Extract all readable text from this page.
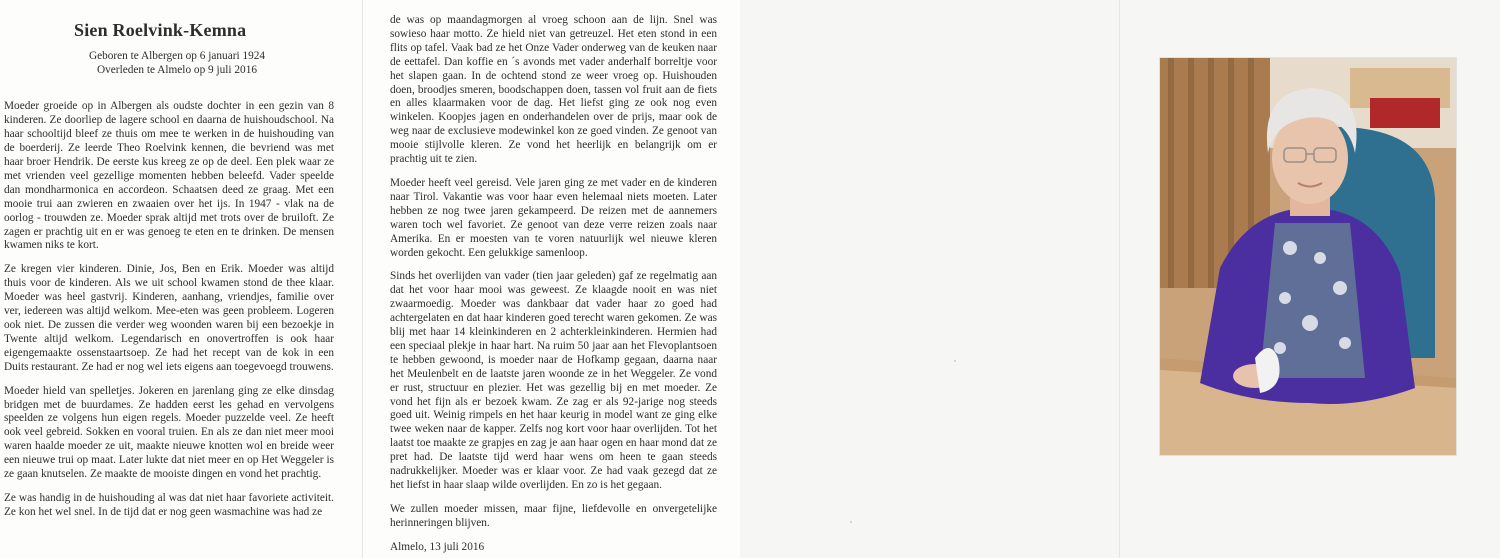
Sien Roelvink-Kemna
Geboren te Albergen op 6 januari 1924
Overleden te Almelo op 9 juli 2016

Moeder groeide op in Albergen als oudste dochter in een gezin van 8 kinderen. Ze doorliep de lagere school en daarna de huishoudschool. Na haar schooltijd bleef ze thuis om mee te werken in de huishouding van de boerderij. Ze leerde Theo Roelvink kennen, die bevriend was met haar broer Hendrik. De eerste kus kreeg ze op de deel. Een plek waar ze met vrienden veel gezellige momenten hebben beleefd. Vader speelde dan mondharmonica en accordeon. Schaatsen deed ze graag. Met een mooie trui aan zwieren en zwaaien over het ijs. In 1947 - vlak na de oorlog - trouwden ze. Moeder sprak altijd met trots over de bruiloft. Ze zagen er prachtig uit en er was genoeg te eten en te drinken. De mensen kwamen niks te kort.

Ze kregen vier kinderen. Dinie, Jos, Ben en Erik. Moeder was altijd thuis voor de kinderen. Als we uit school kwamen stond de thee klaar. Moeder was heel gastvrij. Kinderen, aanhang, vriendjes, familie over ver, iedereen was altijd welkom. Mee-eten was geen probleem. Logeren ook niet. De zussen die verder weg woonden waren bij een bezoekje in Twente altijd welkom. Legendarisch en onovertroffen is ook haar eigengemaakte ossenstaartsoep. Ze had het recept van de kok in een Duits restaurant. Ze had er nog wel iets eigens aan toegevoegd trouwens.

Moeder hield van spelletjes. Jokeren en jarenlang ging ze elke dinsdag bridgen met de buurdames. Ze hadden eerst les gehad en vervolgens speelden ze volgens hun eigen regels. Moeder puzzelde veel. Ze heeft ook veel gebreid. Sokken en vooral truien. En als ze dan niet meer mooi waren haalde moeder ze uit, maakte nieuwe knotten wol en breide weer een nieuwe trui op maat. Later lukte dat niet meer en op Het Weggeler is ze gaan knutselen. Ze maakte de mooiste dingen en vond het prachtig.

Ze was handig in de huishouding al was dat niet haar favoriete activiteit. Ze kon het wel snel. In de tijd dat er nog geen wasmachine was had ze

de was op maandagmorgen al vroeg schoon aan de lijn. Snel was sowieso haar motto. Ze hield niet van getreuzel. Het eten stond in een flits op tafel. Vaak bad ze het Onze Vader onderweg van de keuken naar de eettafel. Dan koffie en ´s avonds met vader anderhalf borreltje voor het slapen gaan. In de ochtend stond ze weer vroeg op. Huishouden doen, broodjes smeren, boodschappen doen, tassen vol fruit aan de fiets en alles klaarmaken voor de dag. Het liefst ging ze ook nog even winkelen. Koopjes jagen en onderhandelen over de prijs, maar ook de weg naar de exclusieve modewinkel kon ze goed vinden. Ze genoot van mooie stijlvolle kleren. Ze vond het heerlijk en belangrijk om er prachtig uit te zien.

Moeder heeft veel gereisd. Vele jaren ging ze met vader en de kinderen naar Tirol. Vakantie was voor haar even helemaal niets moeten. Later hebben ze nog twee jaren gekampeerd. De reizen met de aannemers waren toch wel favoriet. Ze genoot van deze verre reizen zoals naar Amerika. En er moesten van te voren natuurlijk wel nieuwe kleren worden gekocht. Een gelukkige samenloop.

Sinds het overlijden van vader (tien jaar geleden) gaf ze regelmatig aan dat het voor haar mooi was geweest. Ze klaagde nooit en was niet zwaarmoedig. Moeder was dankbaar dat vader haar zo goed had achtergelaten en dat haar kinderen goed terecht waren gekomen. Ze was blij met haar 14 kleinkinderen en 2 achterkleinkinderen. Hermien had een speciaal plekje in haar hart. Na ruim 50 jaar aan het Flevoplantsoen te hebben gewoond, is moeder naar de Hofkamp gegaan, daarna naar het Meulenbelt en de laatste jaren woonde ze in het Weggeler. Ze vond er rust, structuur en plezier. Het was gezellig bij en met moeder. Ze vond het fijn als er bezoek kwam. Ze zag er als 92-jarige nog steeds goed uit. Weinig rimpels en het haar keurig in model want ze ging elke twee weken naar de kapper. Zelfs nog kort voor haar overlijden. Tot het laatst toe maakte ze grapjes en zag je aan haar ogen en haar mond dat ze pret had. De laatste tijd werd haar wens om heen te gaan steeds nadrukkelijker. Moeder was er klaar voor. Ze had vaak gezegd dat ze het liefst in haar slaap wilde overlijden. En zo is het gegaan.

We zullen moeder missen, maar fijne, liefdevolle en onvergetelijke herinneringen blijven.

Almelo, 13 juli 2016
